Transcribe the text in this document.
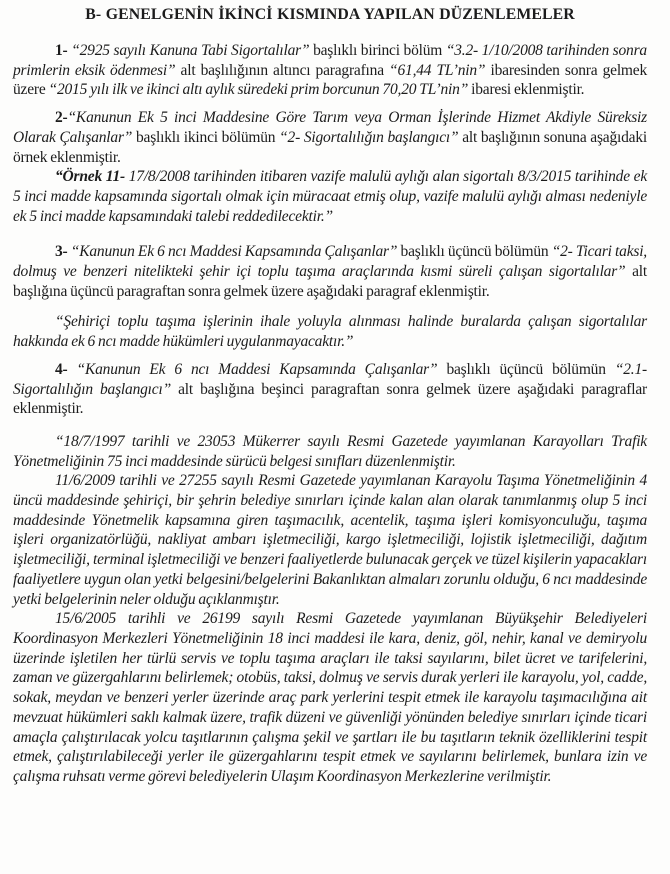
B- GENELGENİN İKİNCİ KISMINDA YAPILAN DÜZENLEMELER

1- “2925 sayılı Kanuna Tabi Sigortalılar” başlıklı birinci bölüm “3.2- 1/10/2008 tarihinden sonra primlerin eksik ödenmesi” alt başlılığının altıncı paragrafına “61,44 TL’nin” ibaresinden sonra gelmek üzere “2015 yılı ilk ve ikinci altı aylık süredeki prim borcunun 70,20 TL’nin” ibaresi eklenmiştir.

2-“Kanunun Ek 5 inci Maddesine Göre Tarım veya Orman İşlerinde Hizmet Akdiyle Süreksiz Olarak Çalışanlar” başlıklı ikinci bölümün “2- Sigortalılığın başlangıcı” alt başlığının sonuna aşağıdaki örnek eklenmiştir.

“Örnek 11- 17/8/2008 tarihinden itibaren vazife malulü aylığı alan sigortalı 8/3/2015 tarihinde ek 5 inci madde kapsamında sigortalı olmak için müracaat etmiş olup, vazife malulü aylığı alması nedeniyle ek 5 inci madde kapsamındaki talebi reddedilecektir.”

3- “Kanunun Ek 6 ncı Maddesi Kapsamında Çalışanlar” başlıklı üçüncü bölümün “2- Ticari taksi, dolmuş ve benzeri nitelikteki şehir içi toplu taşıma araçlarında kısmi süreli çalışan sigortalılar” alt başlığına üçüncü paragraftan sonra gelmek üzere aşağıdaki paragraf eklenmiştir.

“Şehiriçi toplu taşıma işlerinin ihale yoluyla alınması halinde buralarda çalışan sigortalılar hakkında ek 6 ncı madde hükümleri uygulanmayacaktır.”

4- “Kanunun Ek 6 ncı Maddesi Kapsamında Çalışanlar” başlıklı üçüncü bölümün “2.1- Sigortalılığın başlangıcı” alt başlığına beşinci paragraftan sonra gelmek üzere aşağıdaki paragraflar eklenmiştir.

“18/7/1997 tarihli ve 23053 Mükerrer sayılı Resmi Gazetede yayımlanan Karayolları Trafik Yönetmeliğinin 75 inci maddesinde sürücü belgesi sınıfları düzenlenmiştir.

11/6/2009 tarihli ve 27255 sayılı Resmi Gazetede yayımlanan Karayolu Taşıma Yönetmeliğinin 4 üncü maddesinde şehiriçi, bir şehrin belediye sınırları içinde kalan alan olarak tanımlanmış olup 5 inci maddesinde Yönetmelik kapsamına giren taşımacılık, acentelik, taşıma işleri komisyonculuğu, taşıma işleri organizatörlüğü, nakliyat ambarı işletmeciliği, kargo işletmeciliği, lojistik işletmeciliği, dağıtım işletmeciliği, terminal işletmeciliği ve benzeri faaliyetlerde bulunacak gerçek ve tüzel kişilerin yapacakları faaliyetlere uygun olan yetki belgesini/belgelerini Bakanlıktan almaları zorunlu olduğu, 6 ncı maddesinde yetki belgelerinin neler olduğu açıklanmıştır.

15/6/2005 tarihli ve 26199 sayılı Resmi Gazetede yayımlanan Büyükşehir Belediyeleri Koordinasyon Merkezleri Yönetmeliğinin 18 inci maddesi ile kara, deniz, göl, nehir, kanal ve demiryolu üzerinde işletilen her türlü servis ve toplu taşıma araçları ile taksi sayılarını, bilet ücret ve tarifelerini, zaman ve güzergahlarını belirlemek; otobüs, taksi, dolmuş ve servis durak yerleri ile karayolu, yol, cadde, sokak, meydan ve benzeri yerler üzerinde araç park yerlerini tespit etmek ile karayolu taşımacılığına ait mevzuat hükümleri saklı kalmak üzere, trafik düzeni ve güvenliği yönünden belediye sınırları içinde ticari amaçla çalıştırılacak yolcu taşıtlarının çalışma şekil ve şartları ile bu taşıtların teknik özelliklerini tespit etmek, çalıştırılabileceği yerler ile güzergahlarını tespit etmek ve sayılarını belirlemek, bunlara izin ve çalışma ruhsatı verme görevi belediyelerin Ulaşım Koordinasyon Merkezlerine verilmiştir.
